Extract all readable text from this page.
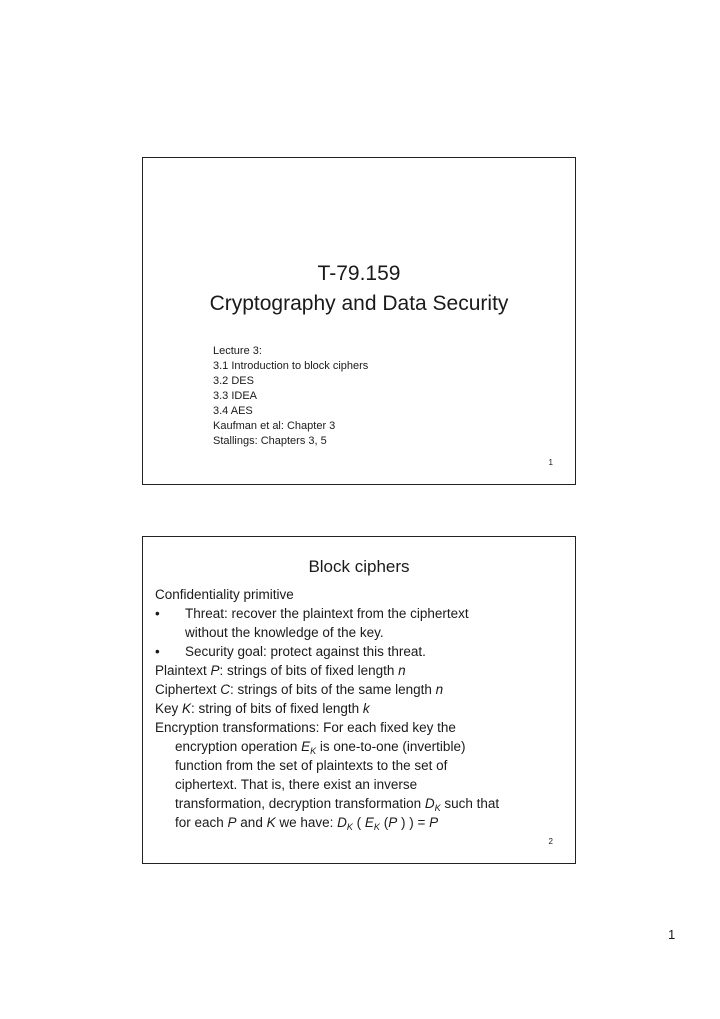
T-79.159
Cryptography and Data Security
Lecture 3:
3.1 Introduction to block ciphers
3.2 DES
3.3 IDEA
3.4 AES
Kaufman et al: Chapter 3
Stallings: Chapters 3, 5
1
Block ciphers
Confidentiality primitive
• Threat: recover the plaintext from the ciphertext
without the knowledge of the key.
• Security goal: protect against this threat.
Plaintext P: strings of bits of fixed length n
Ciphertext C: strings of bits of the same length n
Key K: string of bits of fixed length k
Encryption transformations: For each fixed key the
encryption operation $E_K$ is one-to-one (invertible)
function from the set of plaintexts to the set of
ciphertext. That is, there exist an inverse
transformation, decryption transformation $D_K$ such that
for each P and K we have: $D_K$ ( $E_K$ (P ) ) = P
2
1
